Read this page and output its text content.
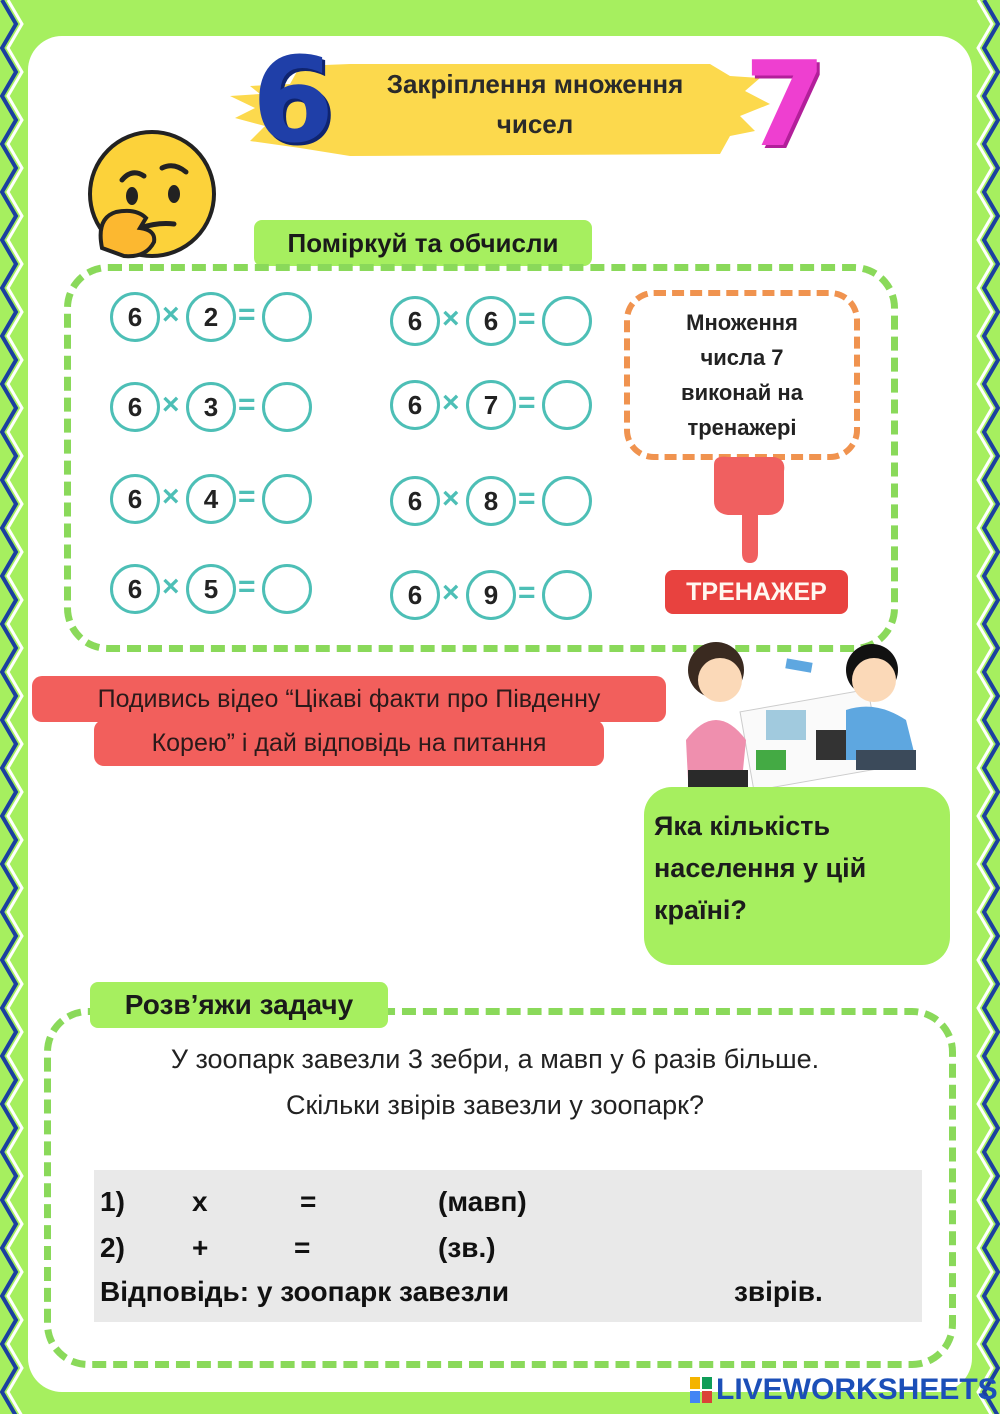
6	7
Закріплення множення
чисел
Поміркуй та обчисли
6 × 2 =
6 × 3 =
6 × 4 =
6 × 5 =
6 × 6 =
6 × 7 =
6 × 8 =
6 × 9 =
Множення
числа 7
виконай на
тренажері
ТРЕНАЖЕР
Подивись відео “Цікаві факти про Південну
Корею” і дай відповідь на питання
Яка кількість
населення у цій
країні?
Розв’яжи задачу
У зоопарк завезли 3 зебри, а мавп у 6 разів більше.
Скільки звірів завезли у зоопарк?
1) x	=	(мавп)
2) +	=	(зв.)
Відповідь: у зоопарк завезли	звірів.
LIVEWORKSHEETS
